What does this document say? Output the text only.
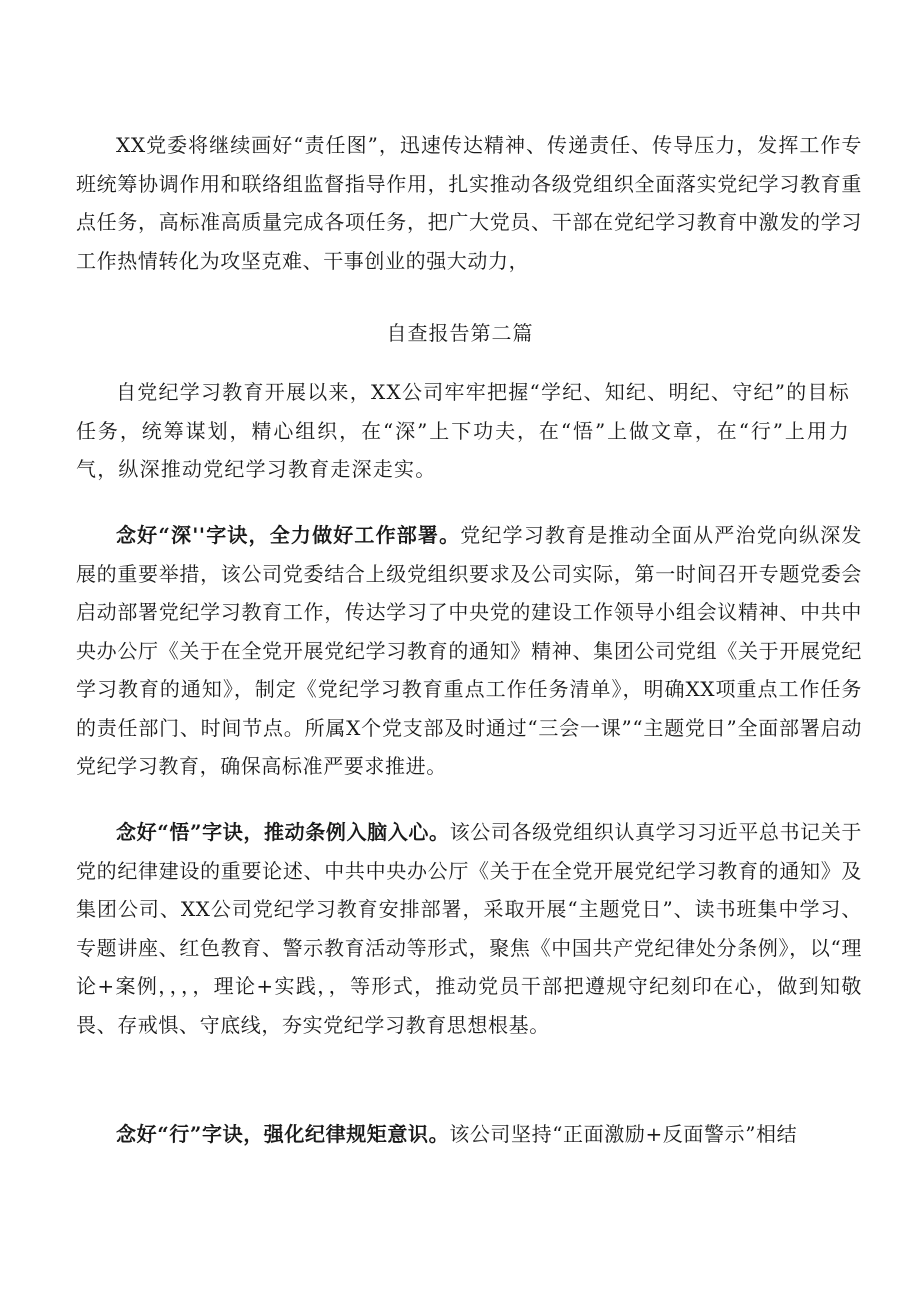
XX党委将继续画好“责任图”，迅速传达精神、传递责任、传导压力，发挥工作专班统筹协调作用和联络组监督指导作用，扎实推动各级党组织全面落实党纪学习教育重点任务，高标准高质量完成各项任务，把广大党员、干部在党纪学习教育中激发的学习工作热情转化为攻坚克难、干事创业的强大动力，

自查报告第二篇

自党纪学习教育开展以来，XX公司牢牢把握“学纪、知纪、明纪、守纪”的目标任务，统筹谋划，精心组织，在“深”上下功夫，在“悟”上做文章，在“行”上用力气，纵深推动党纪学习教育走深走实。

念好“深''字诀，全力做好工作部署。党纪学习教育是推动全面从严治党向纵深发展的重要举措，该公司党委结合上级党组织要求及公司实际，第一时间召开专题党委会启动部署党纪学习教育工作，传达学习了中央党的建设工作领导小组会议精神、中共中央办公厅《关于在全党开展党纪学习教育的通知》精神、集团公司党组《关于开展党纪学习教育的通知》，制定《党纪学习教育重点工作任务清单》，明确XX项重点工作任务的责任部门、时间节点。所属X个党支部及时通过“三会一课”“主题党日”全面部署启动党纪学习教育，确保高标准严要求推进。

念好“悟”字诀，推动条例入脑入心。该公司各级党组织认真学习习近平总书记关于党的纪律建设的重要论述、中共中央办公厅《关于在全党开展党纪学习教育的通知》及集团公司、XX公司党纪学习教育安排部署，采取开展“主题党日”、读书班集中学习、专题讲座、红色教育、警示教育活动等形式，聚焦《中国共产党纪律处分条例》，以“理论+案例，，，，理论+实践，，等形式，推动党员干部把遵规守纪刻印在心，做到知敬畏、存戒惧、守底线，夯实党纪学习教育思想根基。

念好“行”字诀，强化纪律规矩意识。该公司坚持“正面激励+反面警示”相结
